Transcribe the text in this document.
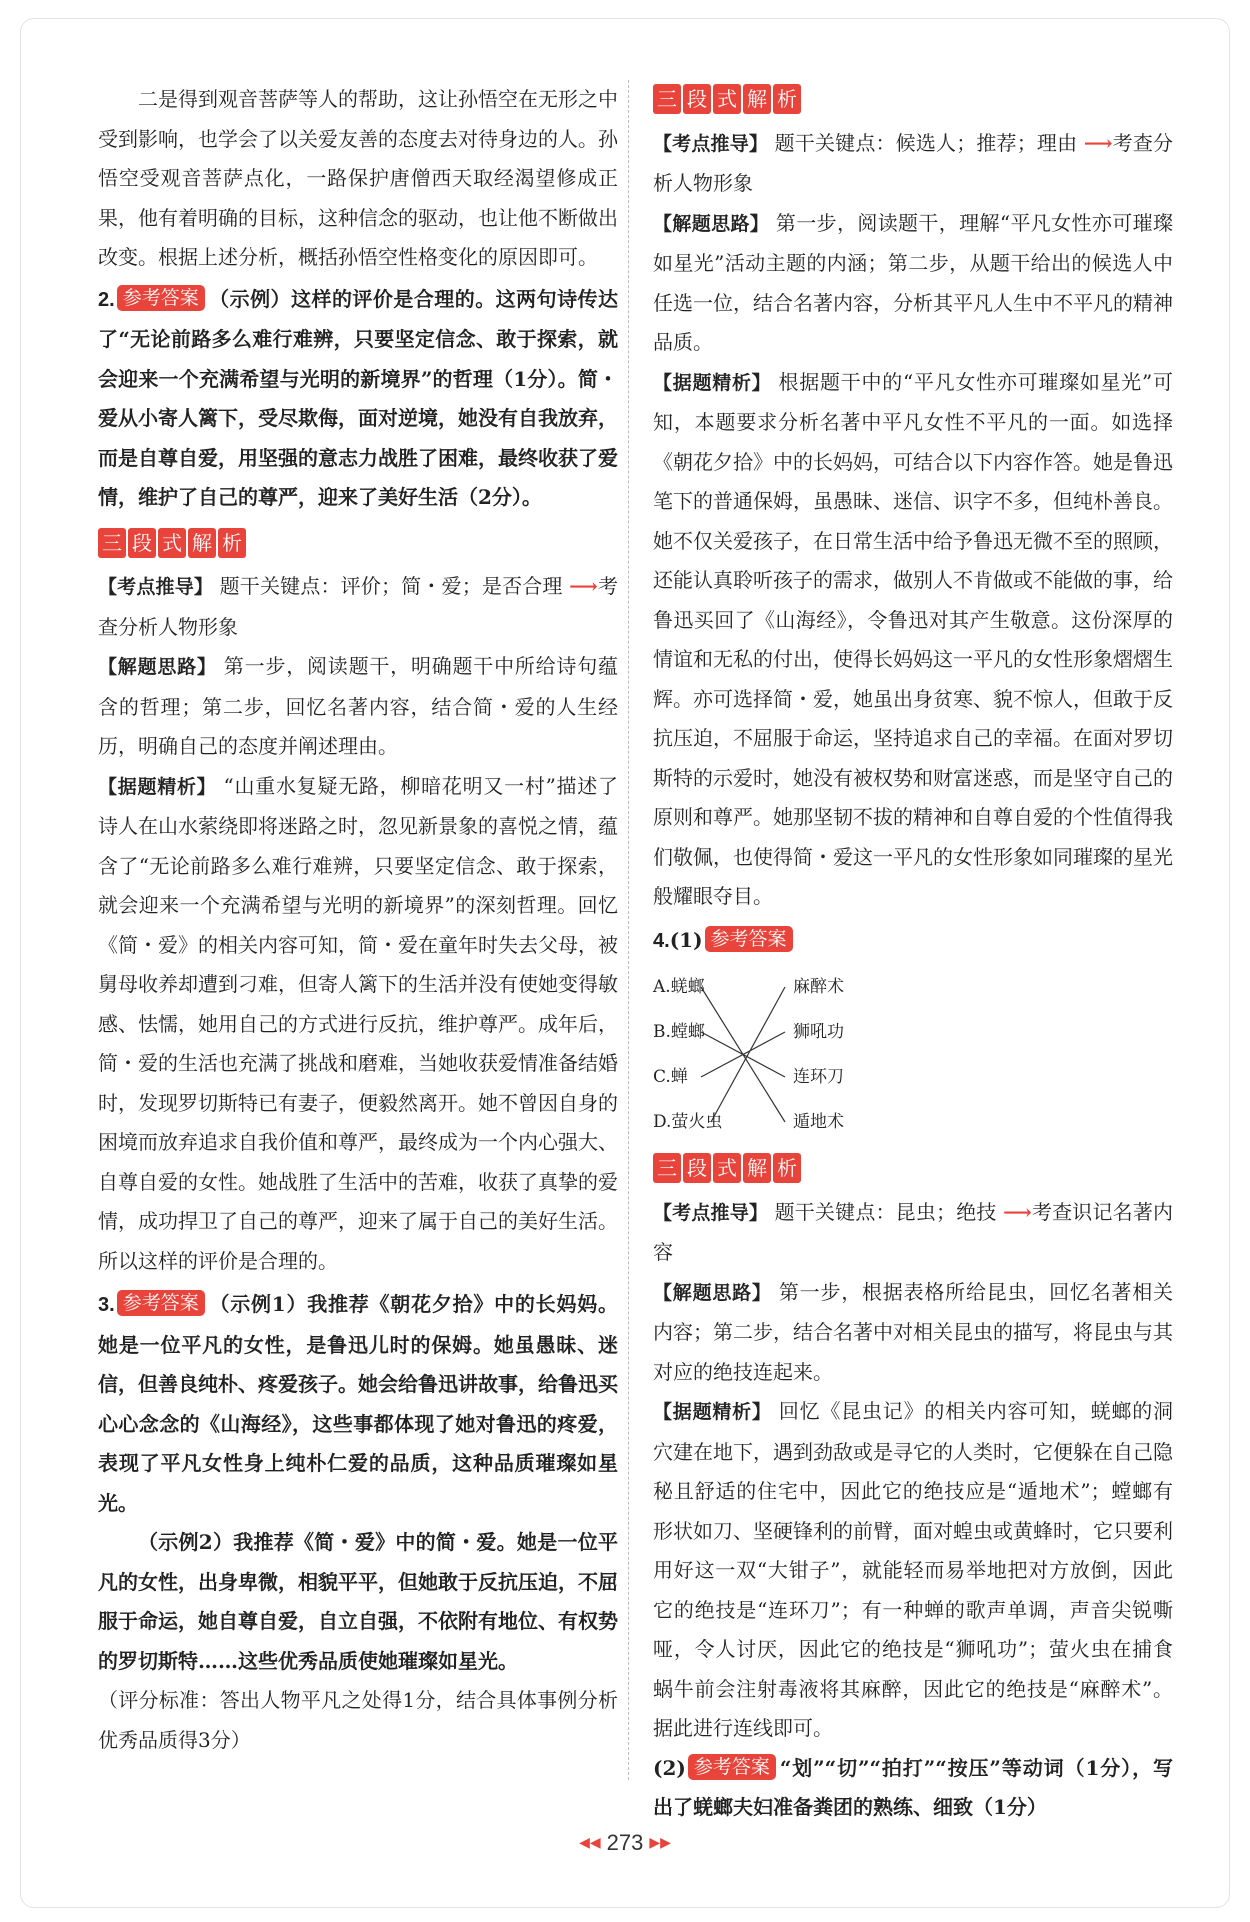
二是得到观音菩萨等人的帮助，这让孙悟空在无形之中受到影响，也学会了以关爱友善的态度去对待身边的人。孙悟空受观音菩萨点化，一路保护唐僧西天取经渴望修成正果，他有着明确的目标，这种信念的驱动，也让他不断做出改变。根据上述分析，概括孙悟空性格变化的原因即可。

2. 参考答案 （示例）这样的评价是合理的。这两句诗传达了“无论前路多么难行难辨，只要坚定信念、敢于探索，就会迎来一个充满希望与光明的新境界”的哲理（1分）。简・爱从小寄人篱下，受尽欺侮，面对逆境，她没有自我放弃，而是自尊自爱，用坚强的意志力战胜了困难，最终收获了爱情，维护了自己的尊严，迎来了美好生活（2分）。

三 段 式 解 析

【考点推导】 题干关键点：评价；简・爱；是否合理 ⟶考查分析人物形象

【解题思路】 第一步，阅读题干，明确题干中所给诗句蕴含的哲理；第二步，回忆名著内容，结合简・爱的人生经历，明确自己的态度并阐述理由。

【据题精析】 “山重水复疑无路，柳暗花明又一村”描述了诗人在山水萦绕即将迷路之时，忽见新景象的喜悦之情，蕴含了“无论前路多么难行难辨，只要坚定信念、敢于探索，就会迎来一个充满希望与光明的新境界”的深刻哲理。回忆《简・爱》的相关内容可知，简・爱在童年时失去父母，被舅母收养却遭到刁难，但寄人篱下的生活并没有使她变得敏感、怯懦，她用自己的方式进行反抗，维护尊严。成年后，简・爱的生活也充满了挑战和磨难，当她收获爱情准备结婚时，发现罗切斯特已有妻子，便毅然离开。她不曾因自身的困境而放弃追求自我价值和尊严，最终成为一个内心强大、自尊自爱的女性。她战胜了生活中的苦难，收获了真挚的爱情，成功捍卫了自己的尊严，迎来了属于自己的美好生活。所以这样的评价是合理的。

3. 参考答案 （示例1）我推荐《朝花夕拾》中的长妈妈。她是一位平凡的女性，是鲁迅儿时的保姆。她虽愚昧、迷信，但善良纯朴、疼爱孩子。她会给鲁迅讲故事，给鲁迅买心心念念的《山海经》，这些事都体现了她对鲁迅的疼爱，表现了平凡女性身上纯朴仁爱的品质，这种品质璀璨如星光。

（示例2）我推荐《简・爱》中的简・爱。她是一位平凡的女性，出身卑微，相貌平平，但她敢于反抗压迫，不屈服于命运，她自尊自爱，自立自强，不依附有地位、有权势的罗切斯特……这些优秀品质使她璀璨如星光。

（评分标准：答出人物平凡之处得1分，结合具体事例分析优秀品质得3分）

三 段 式 解 析

【考点推导】 题干关键点：候选人；推荐；理由 ⟶考查分析人物形象

【解题思路】 第一步，阅读题干，理解“平凡女性亦可璀璨如星光”活动主题的内涵；第二步，从题干给出的候选人中任选一位，结合名著内容，分析其平凡人生中不平凡的精神品质。

【据题精析】 根据题干中的“平凡女性亦可璀璨如星光”可知，本题要求分析名著中平凡女性不平凡的一面。如选择《朝花夕拾》中的长妈妈，可结合以下内容作答。她是鲁迅笔下的普通保姆，虽愚昧、迷信、识字不多，但纯朴善良。她不仅关爱孩子，在日常生活中给予鲁迅无微不至的照顾，还能认真聆听孩子的需求，做别人不肯做或不能做的事，给鲁迅买回了《山海经》，令鲁迅对其产生敬意。这份深厚的情谊和无私的付出，使得长妈妈这一平凡的女性形象熠熠生辉。亦可选择简・爱，她虽出身贫寒、貌不惊人，但敢于反抗压迫，不屈服于命运，坚持追求自己的幸福。在面对罗切斯特的示爱时，她没有被权势和财富迷惑，而是坚守自己的原则和尊严。她那坚韧不拔的精神和自尊自爱的个性值得我们敬佩，也使得简・爱这一平凡的女性形象如同璀璨的星光般耀眼夺目。

4.(1) 参考答案

A.蜣螂
B.螳螂
C.蝉
D.萤火虫
麻醉术
狮吼功
连环刀
遁地术
三 段 式 解 析

【考点推导】 题干关键点：昆虫；绝技 ⟶考查识记名著内容

【解题思路】 第一步，根据表格所给昆虫，回忆名著相关内容；第二步，结合名著中对相关昆虫的描写，将昆虫与其对应的绝技连起来。

【据题精析】 回忆《昆虫记》的相关内容可知，蜣螂的洞穴建在地下，遇到劲敌或是寻它的人类时，它便躲在自己隐秘且舒适的住宅中，因此它的绝技应是“遁地术”；螳螂有形状如刀、坚硬锋利的前臂，面对蝗虫或黄蜂时，它只要利用好这一双“大钳子”，就能轻而易举地把对方放倒，因此它的绝技是“连环刀”；有一种蝉的歌声单调，声音尖锐嘶哑，令人讨厌，因此它的绝技是“狮吼功”；萤火虫在捕食蜗牛前会注射毒液将其麻醉，因此它的绝技是“麻醉术”。据此进行连线即可。

(2) 参考答案 “划”“切”“拍打”“按压”等动词（1分），写出了蜣螂夫妇准备粪团的熟练、细致（1分）

◀◀ 273 ▶▶
